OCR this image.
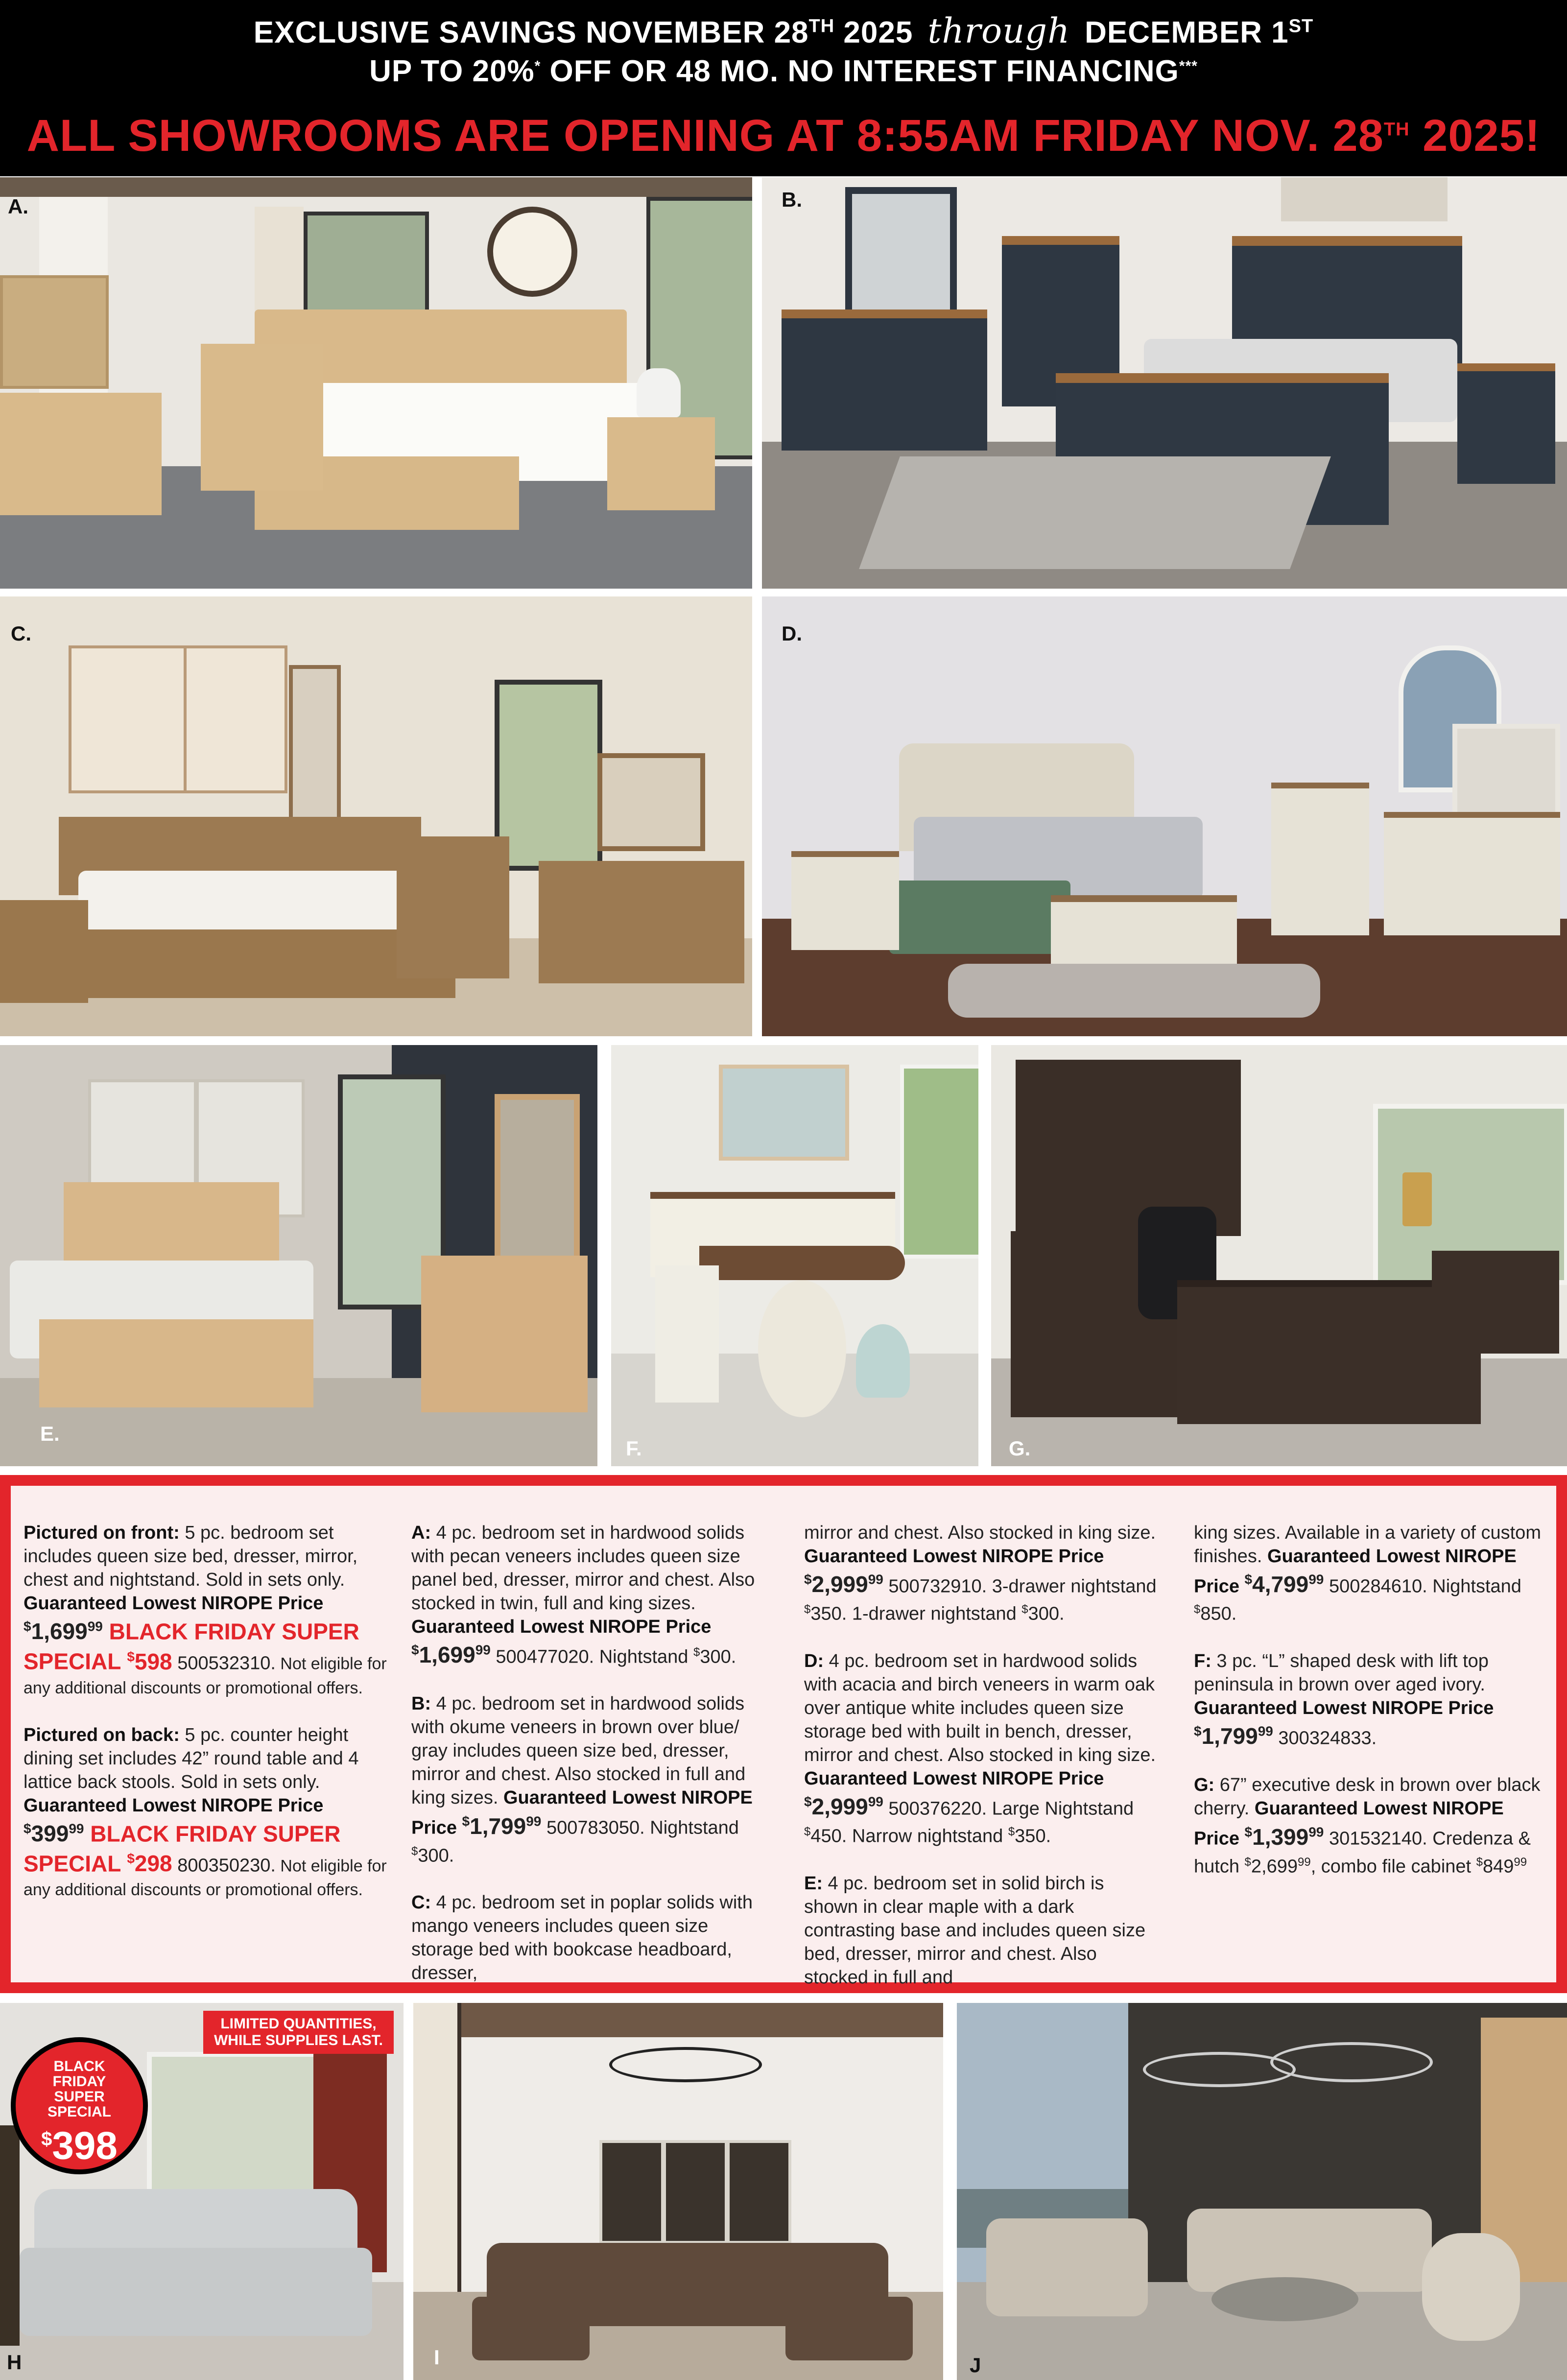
EXCLUSIVE SAVINGS NOVEMBER 28TH 2025 through DECEMBER 1ST
UP TO 20%* OFF OR 48 MO. NO INTEREST FINANCING***
ALL SHOWROOMS ARE OPENING AT 8:55AM FRIDAY NOV. 28TH 2025!
A.	B.
C.	D.
E.
F.	G.

Pictured on front: 5 pc. bedroom set includes queen size bed, dresser, mirror, chest and nightstand. Sold in sets only.
Guaranteed Lowest NIROPE Price
$1,699$^{99}$ BLACK FRIDAY SUPER SPECIAL $598 500532310. Not eligible for any additional discounts or promotional offers.

Pictured on back: 5 pc. counter height dining set includes 42” round table and 4 lattice back stools. Sold in sets only.
Guaranteed Lowest NIROPE Price
$^{\$}399^{99}$ BLACK FRIDAY SUPER SPECIAL $298 800350230. Not eligible for any additional discounts or promotional offers.

A: 4 pc. bedroom set in hardwood solids with pecan veneers includes queen size panel bed, dresser, mirror and chest. Also stocked in twin, full and king sizes. Guaranteed Lowest NIROPE Price
$1,699$^{99}$ 500477020. Nightstand $300.

B: 4 pc. bedroom set in hardwood solids with okume veneers in brown over blue/ gray includes queen size bed, dresser, mirror and chest. Also stocked in full and king sizes. Guaranteed Lowest NIROPE Price $1,799$^{99}$ 500783050. Nightstand $300.

C: 4 pc. bedroom set in poplar solids with mango veneers includes queen size storage bed with bookcase headboard, dresser,

mirror and chest. Also stocked in king size.
Guaranteed Lowest NIROPE Price
$2,999$^{99}$ 500732910. 3-drawer nightstand $350. 1-drawer nightstand $300.

D: 4 pc. bedroom set in hardwood solids with acacia and birch veneers in warm oak over antique white includes queen size storage bed with built in bench, dresser, mirror and chest. Also stocked in king size.
Guaranteed Lowest NIROPE Price
$2,999$^{99}$ 500376220. Large Nightstand $450. Narrow nightstand $350.

E: 4 pc. bedroom set in solid birch is shown in clear maple with a dark contrasting base and includes queen size bed, dresser, mirror and chest. Also stocked in full and

king sizes. Available in a variety of custom finishes. Guaranteed Lowest NIROPE Price $4,799$^{99}$ 500284610. Nightstand $850.

F: 3 pc. “L” shaped desk with lift top peninsula in brown over aged ivory.
Guaranteed Lowest NIROPE Price
$1,799$^{99}$ 300324833.

G: 67” executive desk in brown over black cherry. Guaranteed Lowest NIROPE Price $1,399$^{99}$ 301532140. Credenza & hutch $2,699$^{99}$, combo file cabinet $^{\$}849^{99}$

BLACK
FRIDAY
SUPER
SPECIAL
$398
LIMITED QUANTITIES,
WHILE SUPPLIES LAST.
H	I	J
